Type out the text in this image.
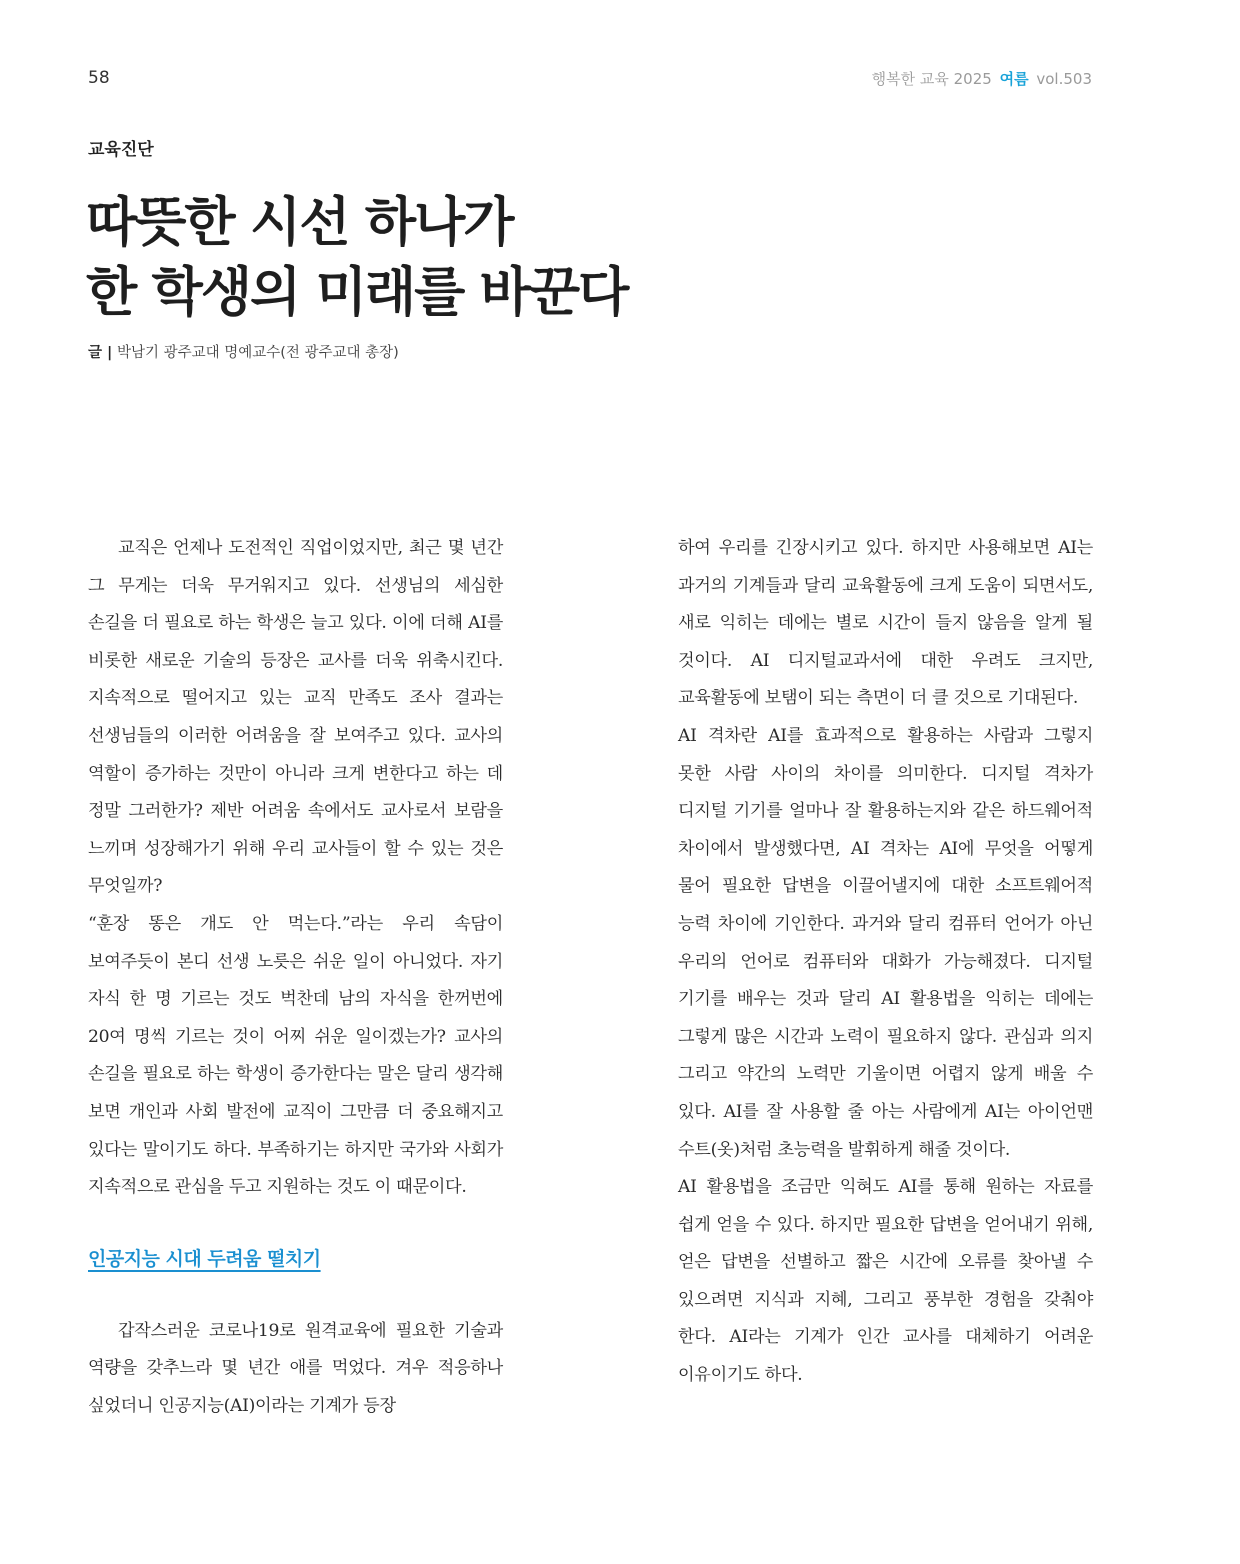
58	행복한 교육 2025 여름 vol.503
교육진단
따뜻한 시선 하나가
한 학생의 미래를 바꾼다
글 | 박남기 광주교대 명예교수(전 광주교대 총장)

교직은 언제나 도전적인 직업이었지만, 최근 몇 년간 그 무게는 더욱 무거워지고 있다. 선생님의 세심한 손길을 더 필요로 하는 학생은 늘고 있다. 이에 더해 AI를 비롯한 새로운 기술의 등장은 교사를 더욱 위축시킨다. 지속적으로 떨어지고 있는 교직 만족도 조사 결과는 선생님들의 이러한 어려움을 잘 보여주고 있다. 교사의 역할이 증가하는 것만이 아니라 크게 변한다고 하는 데 정말 그러한가? 제반 어려움 속에서도 교사로서 보람을 느끼며 성장해가기 위해 우리 교사들이 할 수 있는 것은 무엇일까?

“훈장 똥은 개도 안 먹는다.”라는 우리 속담이 보여주듯이 본디 선생 노릇은 쉬운 일이 아니었다. 자기 자식 한 명 기르는 것도 벅찬데 남의 자식을 한꺼번에 20여 명씩 기르는 것이 어찌 쉬운 일이겠는가? 교사의 손길을 필요로 하는 학생이 증가한다는 말은 달리 생각해 보면 개인과 사회 발전에 교직이 그만큼 더 중요해지고 있다는 말이기도 하다. 부족하기는 하지만 국가와 사회가 지속적으로 관심을 두고 지원하는 것도 이 때문이다.

인공지능 시대 두려움 떨치기

갑작스러운 코로나19로 원격교육에 필요한 기술과 역량을 갖추느라 몇 년간 애를 먹었다. 겨우 적응하나 싶었더니 인공지능(AI)이라는 기계가 등장

하여 우리를 긴장시키고 있다. 하지만 사용해보면 AI는 과거의 기계들과 달리 교육활동에 크게 도움이 되면서도, 새로 익히는 데에는 별로 시간이 들지 않음을 알게 될 것이다. AI 디지털교과서에 대한 우려도 크지만, 교육활동에 보탬이 되는 측면이 더 클 것으로 기대된다.

AI 격차란 AI를 효과적으로 활용하는 사람과 그렇지 못한 사람 사이의 차이를 의미한다. 디지털 격차가 디지털 기기를 얼마나 잘 활용하는지와 같은 하드웨어적 차이에서 발생했다면, AI 격차는 AI에 무엇을 어떻게 물어 필요한 답변을 이끌어낼지에 대한 소프트웨어적 능력 차이에 기인한다. 과거와 달리 컴퓨터 언어가 아닌 우리의 언어로 컴퓨터와 대화가 가능해졌다. 디지털 기기를 배우는 것과 달리 AI 활용법을 익히는 데에는 그렇게 많은 시간과 노력이 필요하지 않다. 관심과 의지 그리고 약간의 노력만 기울이면 어렵지 않게 배울 수 있다. AI를 잘 사용할 줄 아는 사람에게 AI는 아이언맨 수트(옷)처럼 초능력을 발휘하게 해줄 것이다.

AI 활용법을 조금만 익혀도 AI를 통해 원하는 자료를 쉽게 얻을 수 있다. 하지만 필요한 답변을 얻어내기 위해, 얻은 답변을 선별하고 짧은 시간에 오류를 찾아낼 수 있으려면 지식과 지혜, 그리고 풍부한 경험을 갖춰야 한다. AI라는 기계가 인간 교사를 대체하기 어려운 이유이기도 하다.
